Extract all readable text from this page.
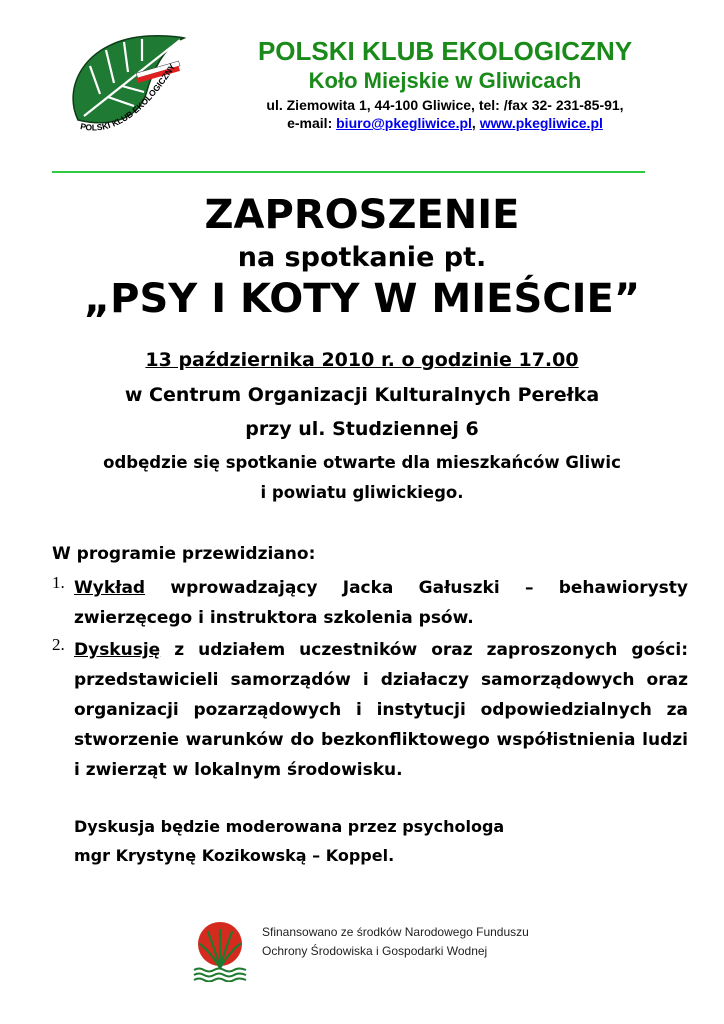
POLSKI KLUB EKOLOGICZNY
POLSKI KLUB EKOLOGICZNY
Koło Miejskie w Gliwicach
ul. Ziemowita 1, 44-100 Gliwice, tel: /fax 32- 231-85-91,
e-mail: biuro@pkegliwice.pl, www.pkegliwice.pl
ZAPROSZENIE
na spotkanie pt.
„PSY I KOTY W MIEŚCIE”
13 października 2010 r. o godzinie 17.00
w Centrum Organizacji Kulturalnych Perełka
przy ul. Studziennej 6
odbędzie się spotkanie otwarte dla mieszkańców Gliwic
i powiatu gliwickiego.
W programie przewidziano:
1. Wykład wprowadzający Jacka Gałuszki – behawiorysty
zwierzęcego i instruktora szkolenia psów.
2. Dyskusję z udziałem uczestników oraz zaproszonych gości:
przedstawicieli samorządów i działaczy samorządowych oraz
organizacji pozarządowych i instytucji odpowiedzialnych za
stworzenie warunków do bezkonfliktowego współistnienia ludzi
i zwierząt w lokalnym środowisku.
Dyskusja będzie moderowana przez psychologa
mgr Krystynę Kozikowską – Koppel.
Sfinansowano ze środków Narodowego Funduszu
Ochrony Środowiska i Gospodarki Wodnej
